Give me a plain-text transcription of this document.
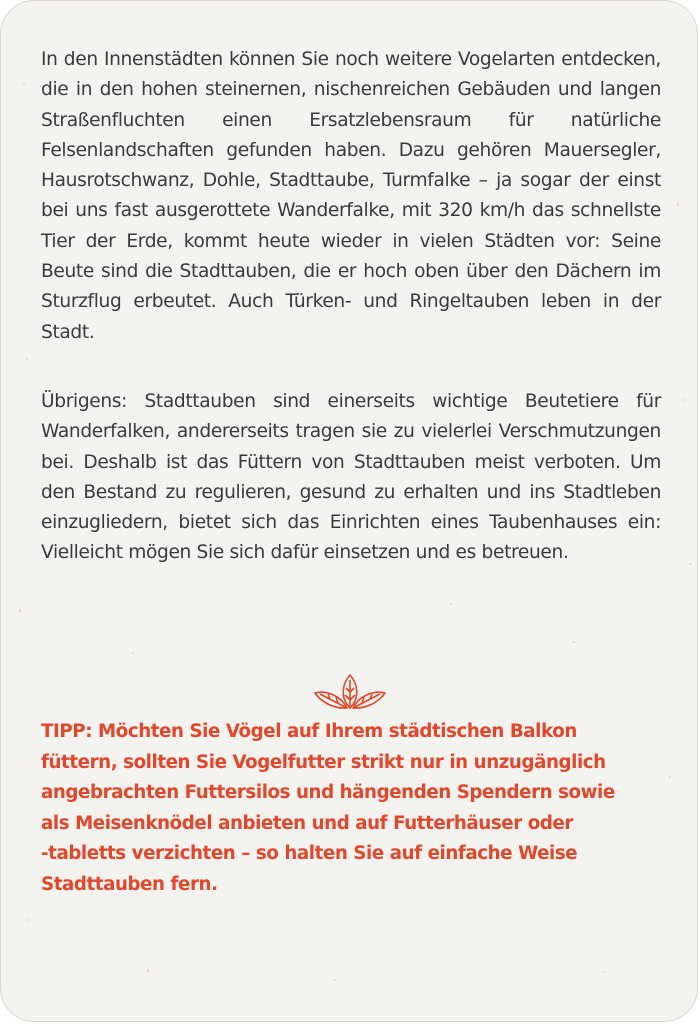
In den Innenstädten können Sie noch weitere Vogelarten entdecken, die in den hohen steinernen, nischenreichen Gebäuden und langen Straßenfluchten einen Ersatzlebensraum für natürliche Felsenlandschaften gefunden haben. Dazu gehören Mauersegler, Hausrotschwanz, Dohle, Stadttaube, Turmfalke – ja sogar der einst bei uns fast ausgerottete Wanderfalke, mit 320 km/h das schnellste Tier der Erde, kommt heute wieder in vielen Städten vor: Seine Beute sind die Stadttauben, die er hoch oben über den Dächern im Sturzflug erbeutet. Auch Türken- und Ringeltauben leben in der Stadt.

Übrigens: Stadttauben sind einerseits wichtige Beutetiere für Wanderfalken, andererseits tragen sie zu vielerlei Verschmutzungen bei. Deshalb ist das Füttern von Stadttauben meist verboten. Um den Bestand zu regulieren, gesund zu erhalten und ins Stadtleben einzugliedern, bietet sich das Einrichten eines Taubenhauses ein: Vielleicht mögen Sie sich dafür einsetzen und es betreuen.

TIPP: Möchten Sie Vögel auf Ihrem städtischen Balkon
füttern, sollten Sie Vogelfutter strikt nur in unzugänglich
angebrachten Futtersilos und hängenden Spendern sowie
als Meisenknödel anbieten und auf Futterhäuser oder
-tabletts verzichten – so halten Sie auf einfache Weise
Stadttauben fern.
